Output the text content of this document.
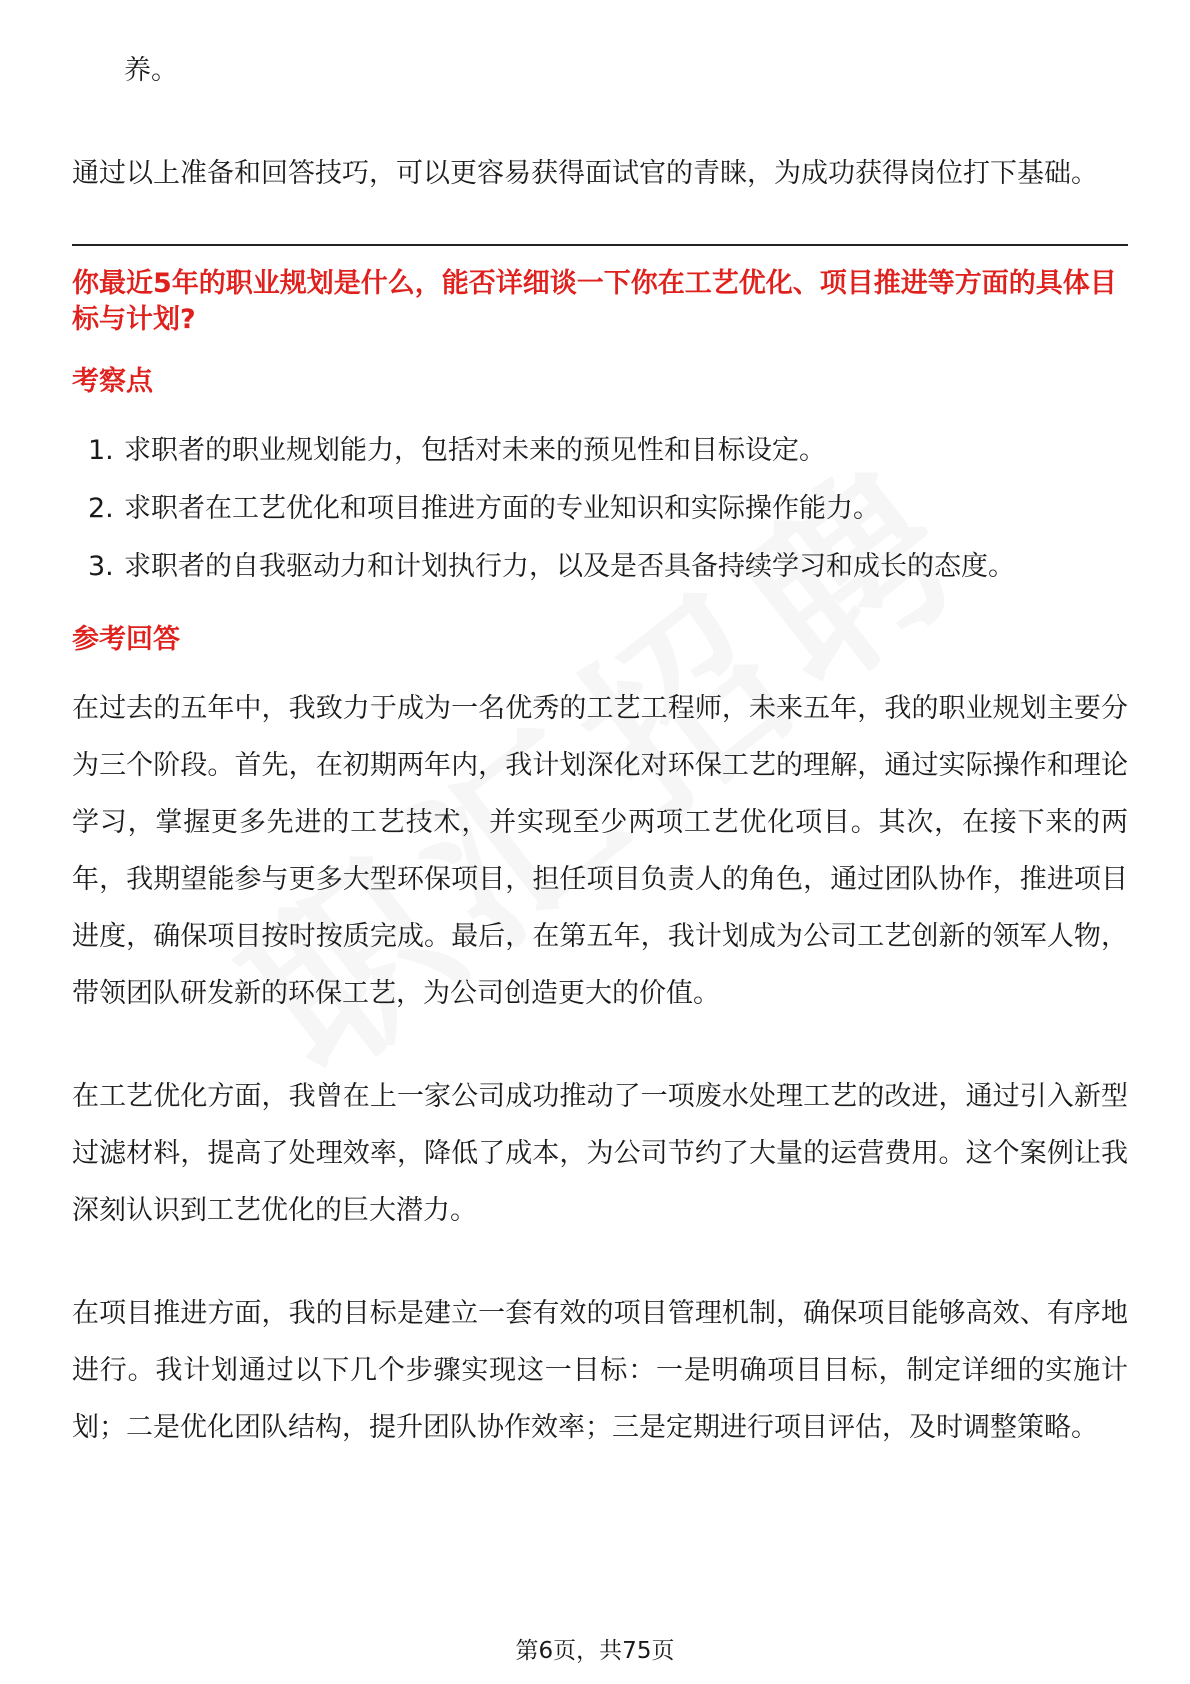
养。

通过以上准备和回答技巧，可以更容易获得面试官的青睐，为成功获得岗位打下基础。

你最近5年的职业规划是什么，能否详细谈一下你在工艺优化、项目推进等方面的具体目标与计划?
考察点
1. 求职者的职业规划能力，包括对未来的预见性和目标设定。
2. 求职者在工艺优化和项目推进方面的专业知识和实际操作能力。
3. 求职者的自我驱动力和计划执行力，以及是否具备持续学习和成长的态度。
参考回答

在过去的五年中，我致力于成为一名优秀的工艺工程师，未来五年，我的职业规划主要分为三个阶段。首先，在初期两年内，我计划深化对环保工艺的理解，通过实际操作和理论学习，掌握更多先进的工艺技术，并实现至少两项工艺优化项目。其次，在接下来的两年，我期望能参与更多大型环保项目，担任项目负责人的角色，通过团队协作，推进项目进度，确保项目按时按质完成。最后，在第五年，我计划成为公司工艺创新的领军人物，带领团队研发新的环保工艺，为公司创造更大的价值。

在工艺优化方面，我曾在上一家公司成功推动了一项废水处理工艺的改进，通过引入新型过滤材料，提高了处理效率，降低了成本，为公司节约了大量的运营费用。这个案例让我深刻认识到工艺优化的巨大潜力。

在项目推进方面，我的目标是建立一套有效的项目管理机制，确保项目能够高效、有序地进行。我计划通过以下几个步骤实现这一目标：一是明确项目目标，制定详细的实施计划；二是优化团队结构，提升团队协作效率；三是定期进行项目评估，及时调整策略。

第6页，共75页
